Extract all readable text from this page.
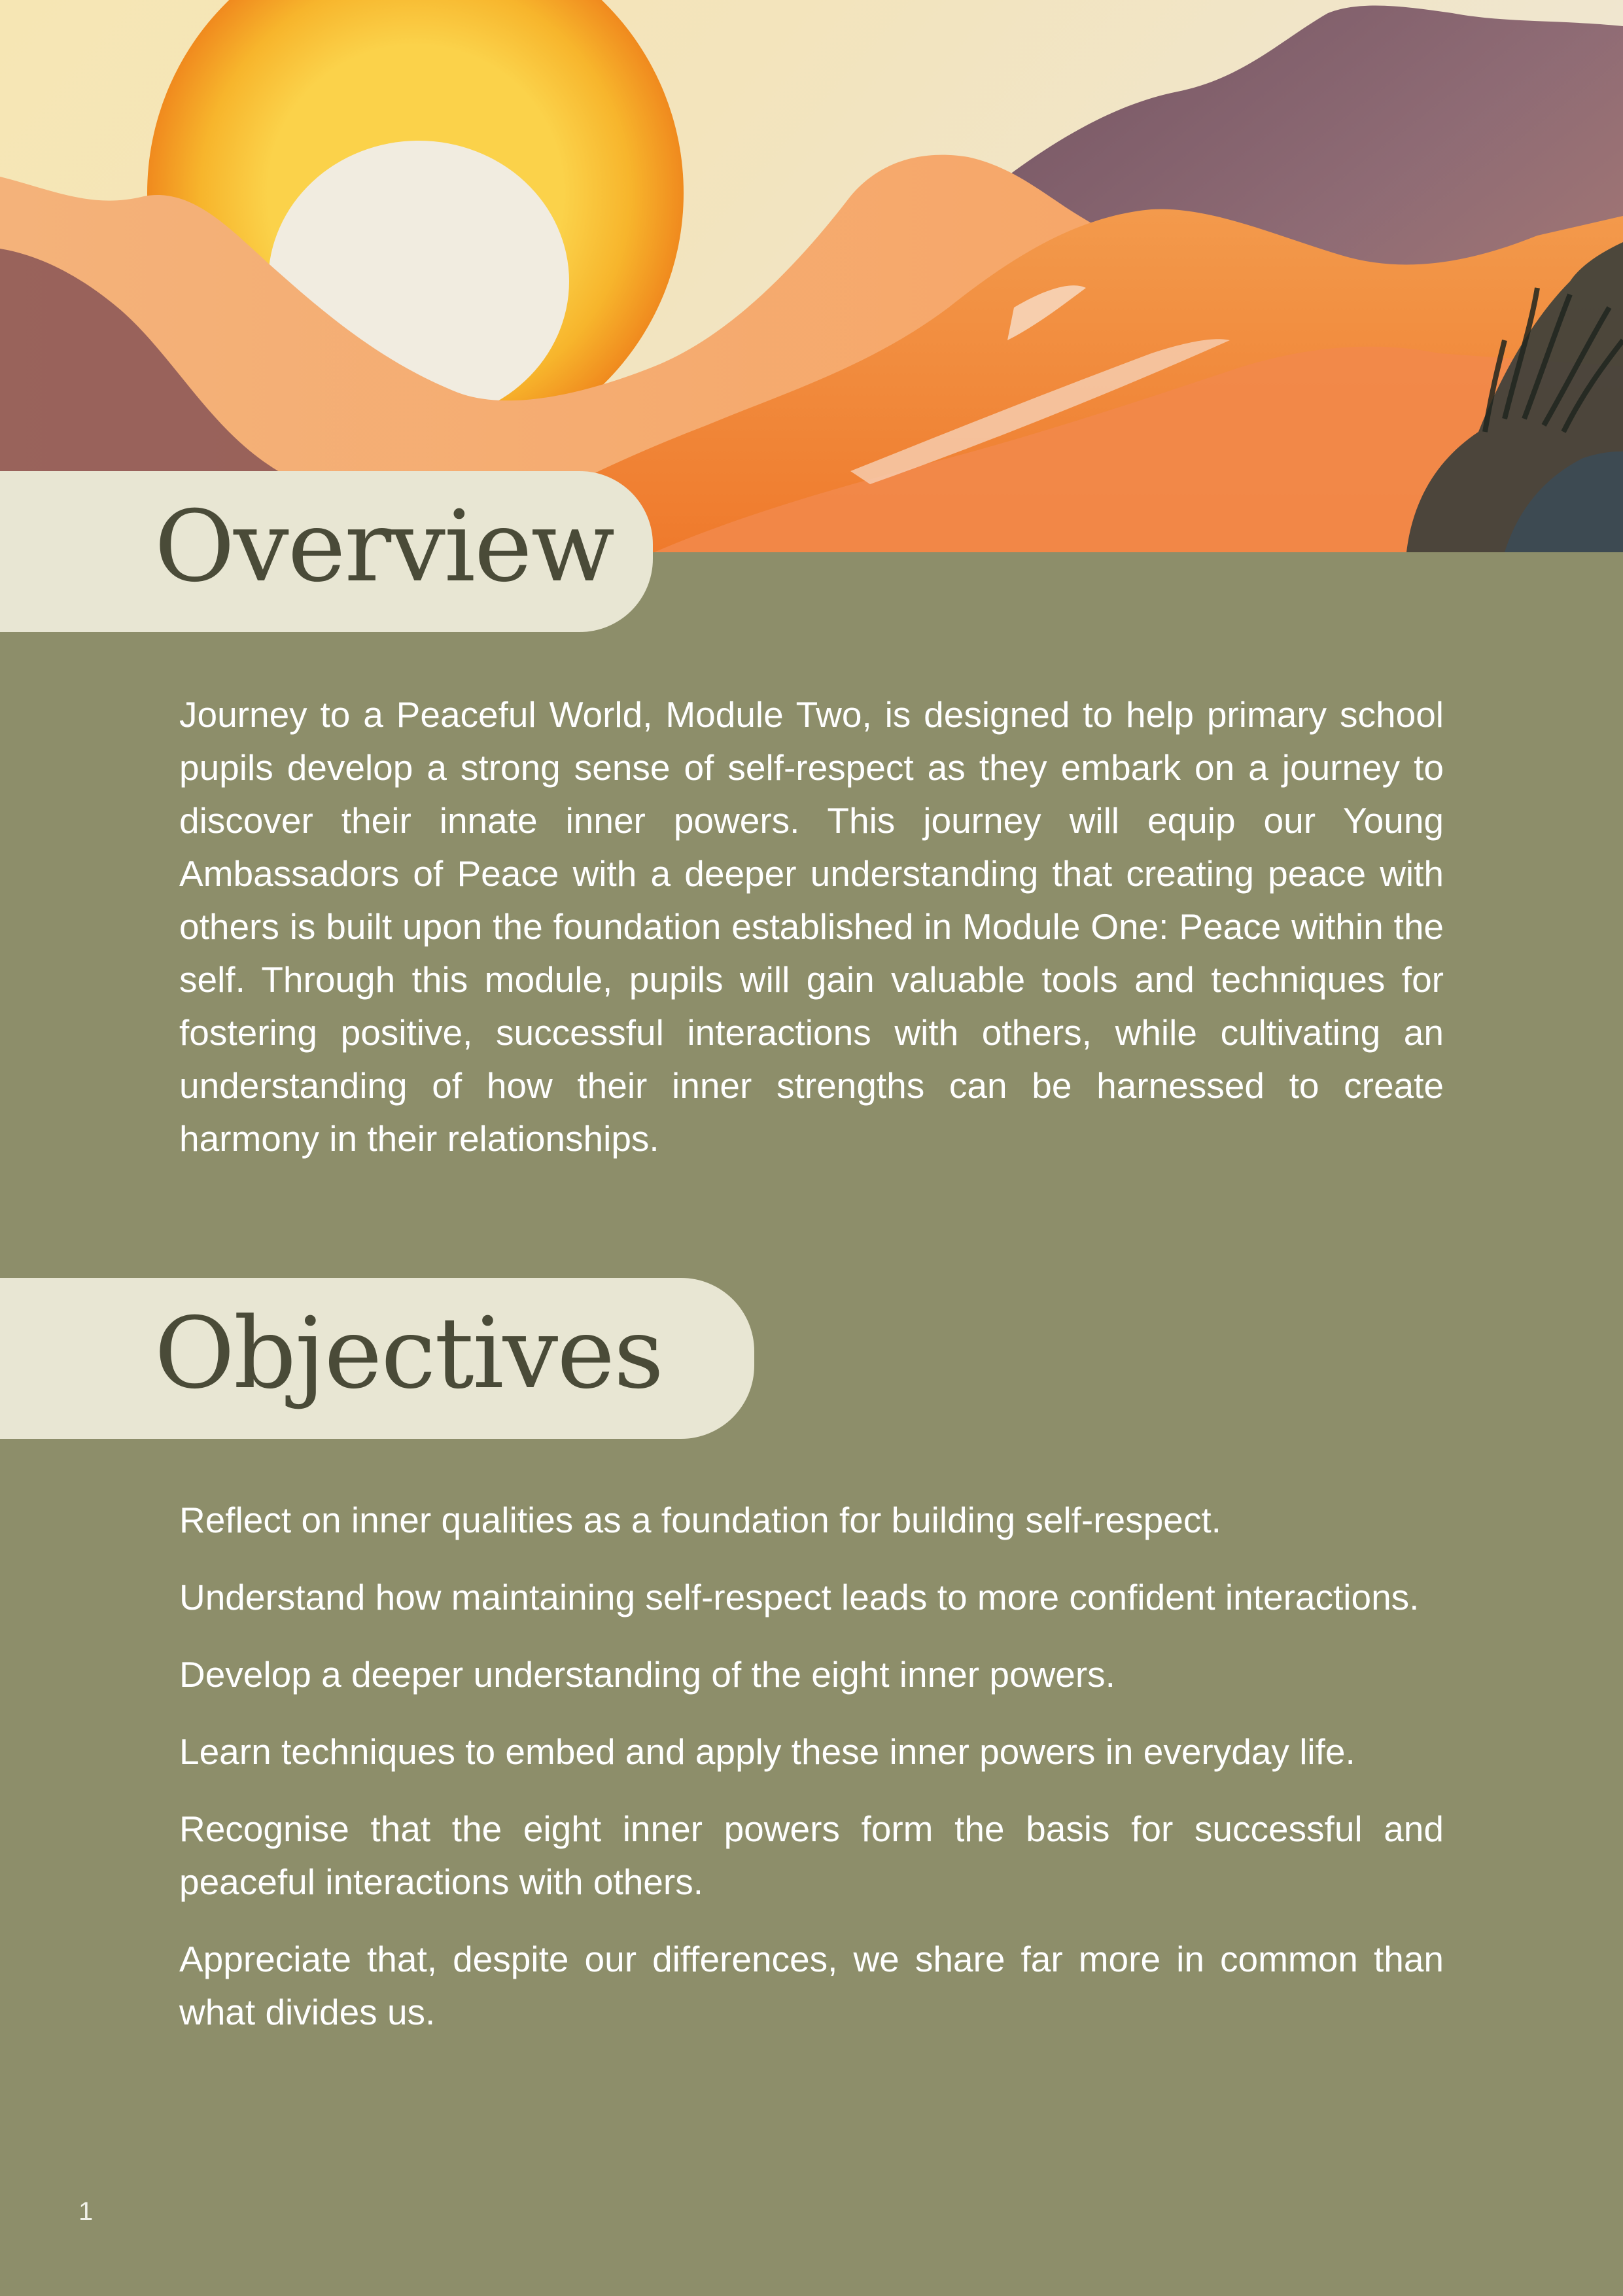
Overview

Journey to a Peaceful World, Module Two, is designed to help primary school pupils develop a strong sense of self-respect as they embark on a journey to discover their innate inner powers. This journey will equip our Young Ambassadors of Peace with a deeper understanding that creating peace with others is built upon the foundation established in Module One: Peace within the self. Through this module, pupils will gain valuable tools and techniques for fostering positive, successful interactions with others, while cultivating an understanding of how their inner strengths can be harnessed to create harmony in their relationships.

Objectives
Reflect on inner qualities as a foundation for building self-respect.
Understand how maintaining self-respect leads to more confident interactions.
Develop a deeper understanding of the eight inner powers.
Learn techniques to embed and apply these inner powers in everyday life.
Recognise that the eight inner powers form the basis for successful and peaceful interactions with others.
Appreciate that, despite our differences, we share far more in common than what divides us.
1
